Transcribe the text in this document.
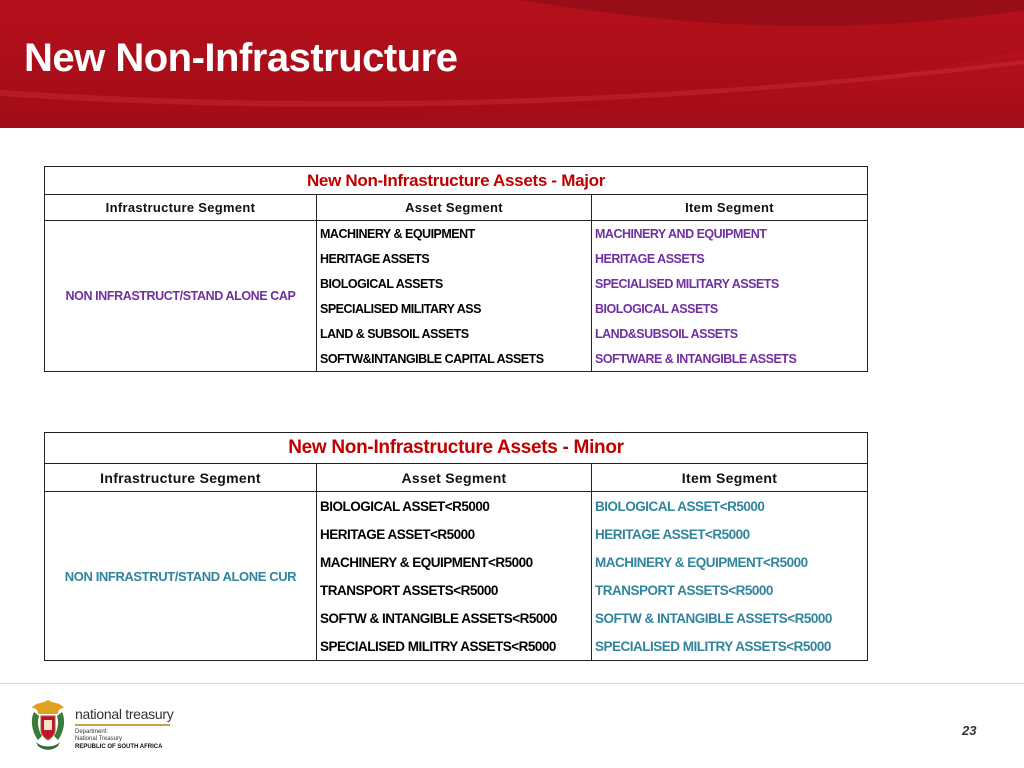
New Non-Infrastructure
New Non-Infrastructure Assets - Major		
Infrastructure Segment	Asset Segment	Item Segment
NON INFRASTRUCT/STAND ALONE CAP	MACHINERY & EQUIPMENT	MACHINERY AND EQUIPMENT
	HERITAGE ASSETS	HERITAGE ASSETS
	BIOLOGICAL ASSETS	SPECIALISED MILITARY ASSETS
	SPECIALISED MILITARY ASS	BIOLOGICAL ASSETS
	LAND & SUBSOIL ASSETS	LAND&SUBSOIL ASSETS
	SOFTW&INTANGIBLE CAPITAL ASSETS	SOFTWARE & INTANGIBLE ASSETS
New Non-Infrastructure Assets - Minor		
Infrastructure Segment	Asset Segment	Item Segment
NON INFRASTRUT/STAND ALONE CUR	BIOLOGICAL ASSET<R5000	BIOLOGICAL ASSET<R5000
	HERITAGE ASSET<R5000	HERITAGE ASSET<R5000
	MACHINERY & EQUIPMENT<R5000	MACHINERY & EQUIPMENT<R5000
	TRANSPORT ASSETS<R5000	TRANSPORT ASSETS<R5000
	SOFTW & INTANGIBLE ASSETS<R5000	SOFTW & INTANGIBLE ASSETS<R5000
	SPECIALISED MILITRY ASSETS<R5000	SPECIALISED MILITRY ASSETS<R5000
national treasury
Department:
National Treasury
REPUBLIC OF SOUTH AFRICA
23
